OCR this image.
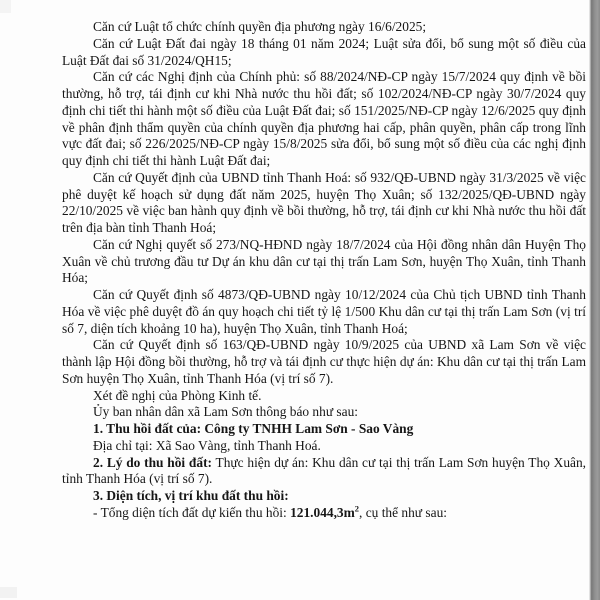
Căn cứ Luật tổ chức chính quyền địa phương ngày 16/6/2025;

Căn cứ Luật Đất đai ngày 18 tháng 01 năm 2024; Luật sửa đổi, bổ sung một số điều của Luật Đất đai số 31/2024/QH15;

Căn cứ các Nghị định của Chính phủ: số 88/2024/NĐ-CP ngày 15/7/2024 quy định về bồi thường, hỗ trợ, tái định cư khi Nhà nước thu hồi đất; số 102/2024/NĐ-CP ngày 30/7/2024 quy định chi tiết thi hành một số điều của Luật Đất đai; số 151/2025/NĐ-CP ngày 12/6/2025 quy định về phân định thẩm quyền của chính quyền địa phương hai cấp, phân quyền, phân cấp trong lĩnh vực đất đai; số 226/2025/NĐ-CP ngày 15/8/2025 sửa đổi, bổ sung một số điều của các nghị định quy định chi tiết thi hành Luật Đất đai;

Căn cứ Quyết định của UBND tỉnh Thanh Hoá: số 932/QĐ-UBND ngày 31/3/2025 về việc phê duyệt kế hoạch sử dụng đất năm 2025, huyện Thọ Xuân; số 132/2025/QĐ-UBND ngày 22/10/2025 về việc ban hành quy định về bồi thường, hỗ trợ, tái định cư khi Nhà nước thu hồi đất trên địa bàn tỉnh Thanh Hoá;

Căn cứ Nghị quyết số 273/NQ-HĐND ngày 18/7/2024 của Hội đồng nhân dân Huyện Thọ Xuân về chủ trương đầu tư Dự án khu dân cư tại thị trấn Lam Sơn, huyện Thọ Xuân, tỉnh Thanh Hóa;

Căn cứ Quyết định số 4873/QĐ-UBND ngày 10/12/2024 của Chủ tịch UBND tỉnh Thanh Hóa về việc phê duyệt đồ án quy hoạch chi tiết tỷ lệ 1/500 Khu dân cư tại thị trấn Lam Sơn (vị trí số 7, diện tích khoảng 10 ha), huyện Thọ Xuân, tỉnh Thanh Hoá;

Căn cứ Quyết định số 163/QĐ-UBND ngày 10/9/2025 của UBND xã Lam Sơn về việc thành lập Hội đồng bồi thường, hỗ trợ và tái định cư thực hiện dự án: Khu dân cư tại thị trấn Lam Sơn huyện Thọ Xuân, tỉnh Thanh Hóa (vị trí số 7).

Xét đề nghị của Phòng Kinh tế.

Ủy ban nhân dân xã Lam Sơn thông báo như sau:

1. Thu hồi đất của: Công ty TNHH Lam Sơn - Sao Vàng

Địa chỉ tại: Xã Sao Vàng, tỉnh Thanh Hoá.

2. Lý do thu hồi đất: Thực hiện dự án: Khu dân cư tại thị trấn Lam Sơn huyện Thọ Xuân, tỉnh Thanh Hóa (vị trí số 7).

3. Diện tích, vị trí khu đất thu hồi:

- Tổng diện tích đất dự kiến thu hồi: $121.044,3m^2$, cụ thể như sau:
